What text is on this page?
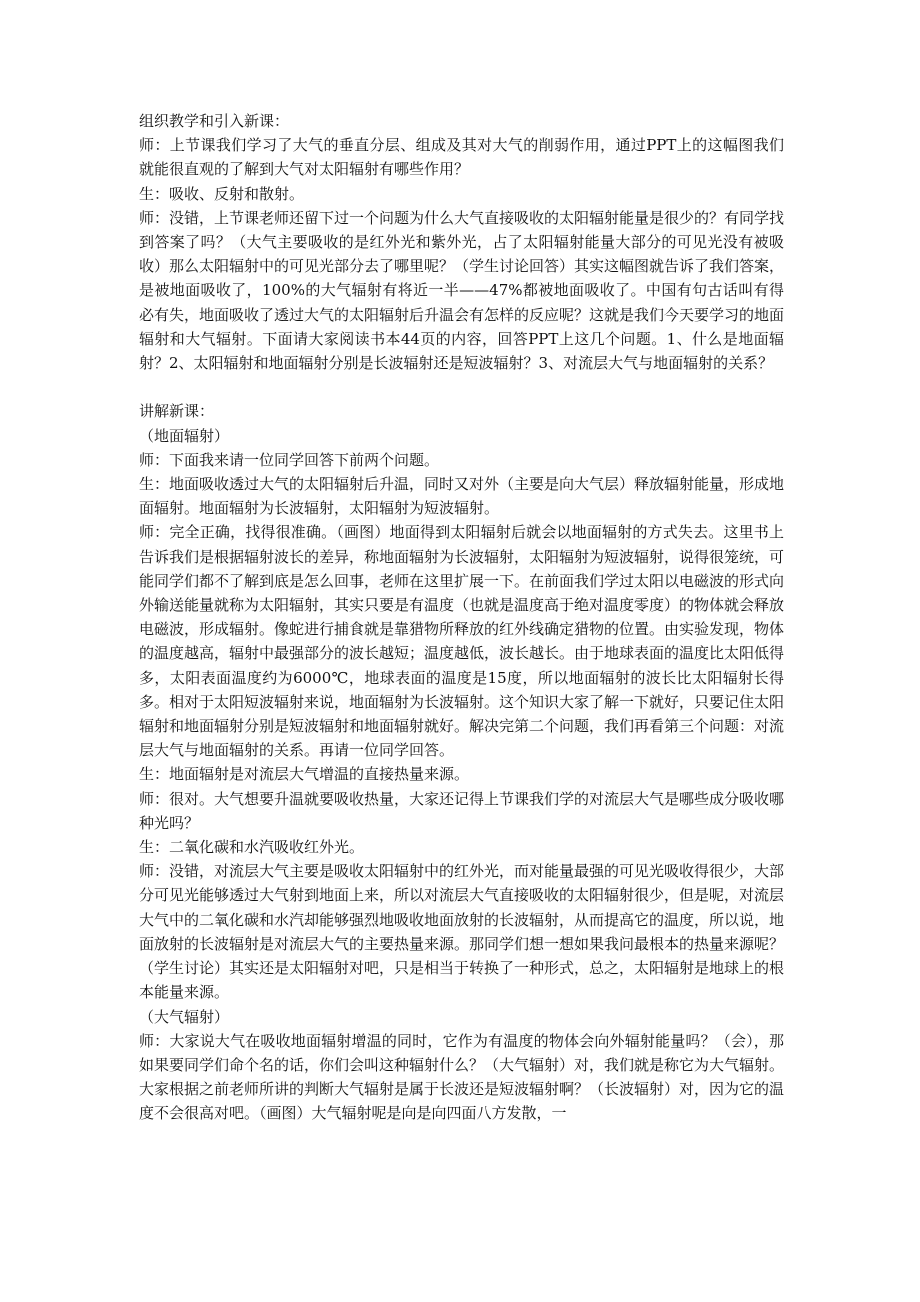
组织教学和引入新课：

师：上节课我们学习了大气的垂直分层、组成及其对大气的削弱作用，通过PPT上的这幅图我们就能很直观的了解到大气对太阳辐射有哪些作用？

生：吸收、反射和散射。

师：没错，上节课老师还留下过一个问题为什么大气直接吸收的太阳辐射能量是很少的？有同学找到答案了吗？（大气主要吸收的是红外光和紫外光，占了太阳辐射能量大部分的可见光没有被吸收）那么太阳辐射中的可见光部分去了哪里呢？（学生讨论回答）其实这幅图就告诉了我们答案，是被地面吸收了，100%的大气辐射有将近一半——47%都被地面吸收了。中国有句古话叫有得必有失，地面吸收了透过大气的太阳辐射后升温会有怎样的反应呢？这就是我们今天要学习的地面辐射和大气辐射。下面请大家阅读书本44页的内容，回答PPT上这几个问题。1、什么是地面辐射？2、太阳辐射和地面辐射分别是长波辐射还是短波辐射？3、对流层大气与地面辐射的关系？

讲解新课：

（地面辐射）

师：下面我来请一位同学回答下前两个问题。

生：地面吸收透过大气的太阳辐射后升温，同时又对外（主要是向大气层）释放辐射能量，形成地面辐射。地面辐射为长波辐射，太阳辐射为短波辐射。

师：完全正确，找得很准确。（画图）地面得到太阳辐射后就会以地面辐射的方式失去。这里书上告诉我们是根据辐射波长的差异，称地面辐射为长波辐射，太阳辐射为短波辐射，说得很笼统，可能同学们都不了解到底是怎么回事，老师在这里扩展一下。在前面我们学过太阳以电磁波的形式向外输送能量就称为太阳辐射，其实只要是有温度（也就是温度高于绝对温度零度）的物体就会释放电磁波，形成辐射。像蛇进行捕食就是靠猎物所释放的红外线确定猎物的位置。由实验发现，物体的温度越高，辐射中最强部分的波长越短；温度越低，波长越长。由于地球表面的温度比太阳低得多，太阳表面温度约为6000℃，地球表面的温度是15度，所以地面辐射的波长比太阳辐射长得多。相对于太阳短波辐射来说，地面辐射为长波辐射。这个知识大家了解一下就好，只要记住太阳辐射和地面辐射分别是短波辐射和地面辐射就好。解决完第二个问题，我们再看第三个问题：对流层大气与地面辐射的关系。再请一位同学回答。

生：地面辐射是对流层大气增温的直接热量来源。

师：很对。大气想要升温就要吸收热量，大家还记得上节课我们学的对流层大气是哪些成分吸收哪种光吗？

生：二氧化碳和水汽吸收红外光。

师：没错，对流层大气主要是吸收太阳辐射中的红外光，而对能量最强的可见光吸收得很少，大部分可见光能够透过大气射到地面上来，所以对流层大气直接吸收的太阳辐射很少，但是呢，对流层大气中的二氧化碳和水汽却能够强烈地吸收地面放射的长波辐射，从而提高它的温度，所以说，地面放射的长波辐射是对流层大气的主要热量来源。那同学们想一想如果我问最根本的热量来源呢？（学生讨论）其实还是太阳辐射对吧，只是相当于转换了一种形式，总之，太阳辐射是地球上的根本能量来源。

（大气辐射）

师：大家说大气在吸收地面辐射增温的同时，它作为有温度的物体会向外辐射能量吗？（会），那如果要同学们命个名的话，你们会叫这种辐射什么？（大气辐射）对，我们就是称它为大气辐射。大家根据之前老师所讲的判断大气辐射是属于长波还是短波辐射啊？（长波辐射）对，因为它的温度不会很高对吧。（画图）大气辐射呢是向是向四面八方发散，一
